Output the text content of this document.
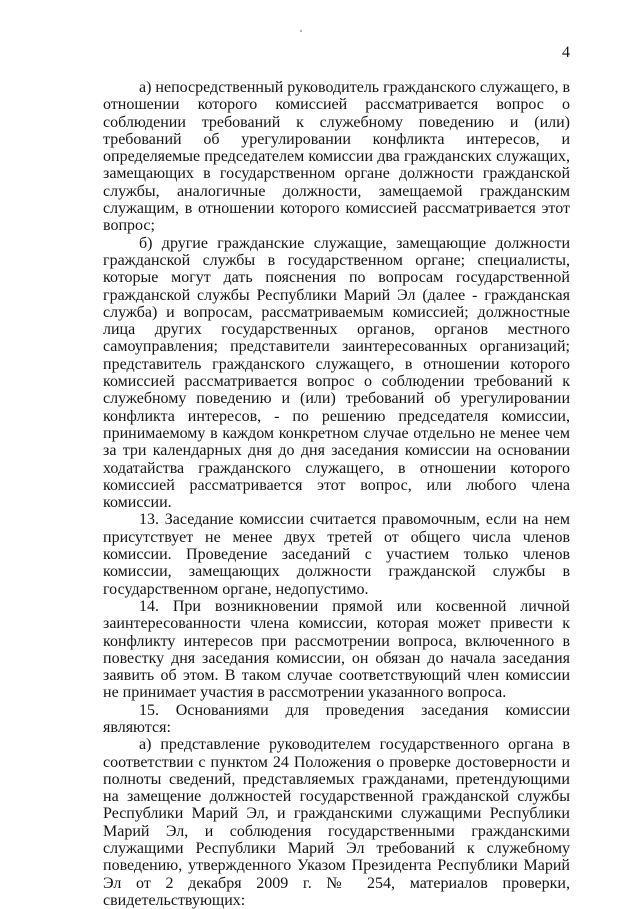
4

а) непосредственный руководитель гражданского служащего, в отношении которого комиссией рассматривается вопрос о соблюдении требований к служебному поведению и (или) требований об урегулировании конфликта интересов, и определяемые председателем комиссии два гражданских служащих, замещающих в государственном органе должности гражданской службы, аналогичные должности, замещаемой гражданским служащим, в отношении которого комиссией рассматривается этот вопрос;

б) другие гражданские служащие, замещающие должности гражданской службы в государственном органе; специалисты, которые могут дать пояснения по вопросам государственной гражданской службы Республики Марий Эл (далее - гражданская служба) и вопросам, рассматриваемым комиссией; должностные лица других государственных органов, органов местного самоуправления; представители заинтересованных организаций; представитель гражданского служащего, в отношении которого комиссией рассматривается вопрос о соблюдении требований к служебному поведению и (или) требований об урегулировании конфликта интересов, - по решению председателя комиссии, принимаемому в каждом конкретном случае отдельно не менее чем за три календарных дня до дня заседания комиссии на основании ходатайства гражданского служащего, в отношении которого комиссией рассматривается этот вопрос, или любого члена комиссии.

13. Заседание комиссии считается правомочным, если на нем присутствует не менее двух третей от общего числа членов комиссии. Проведение заседаний с участием только членов комиссии, замещающих должности гражданской службы в государственном органе, недопустимо.

14. При возникновении прямой или косвенной личной заинтересованности члена комиссии, которая может привести к конфликту интересов при рассмотрении вопроса, включенного в повестку дня заседания комиссии, он обязан до начала заседания заявить об этом. В таком случае соответствующий член комиссии не принимает участия в рассмотрении указанного вопроса.

15. Основаниями для проведения заседания комиссии являются:

а) представление руководителем государственного органа в соответствии с пунктом 24 Положения о проверке достоверности и полноты сведений, представляемых гражданами, претендующими на замещение должностей государственной гражданской службы Республики Марий Эл, и гражданскими служащими Республики Марий Эл, и соблюдения государственными гражданскими служащими Республики Марий Эл требований к служебному поведению, утвержденного Указом Президента Республики Марий Эл от 2 декабря 2009 г. № 254, материалов проверки, свидетельствующих:
